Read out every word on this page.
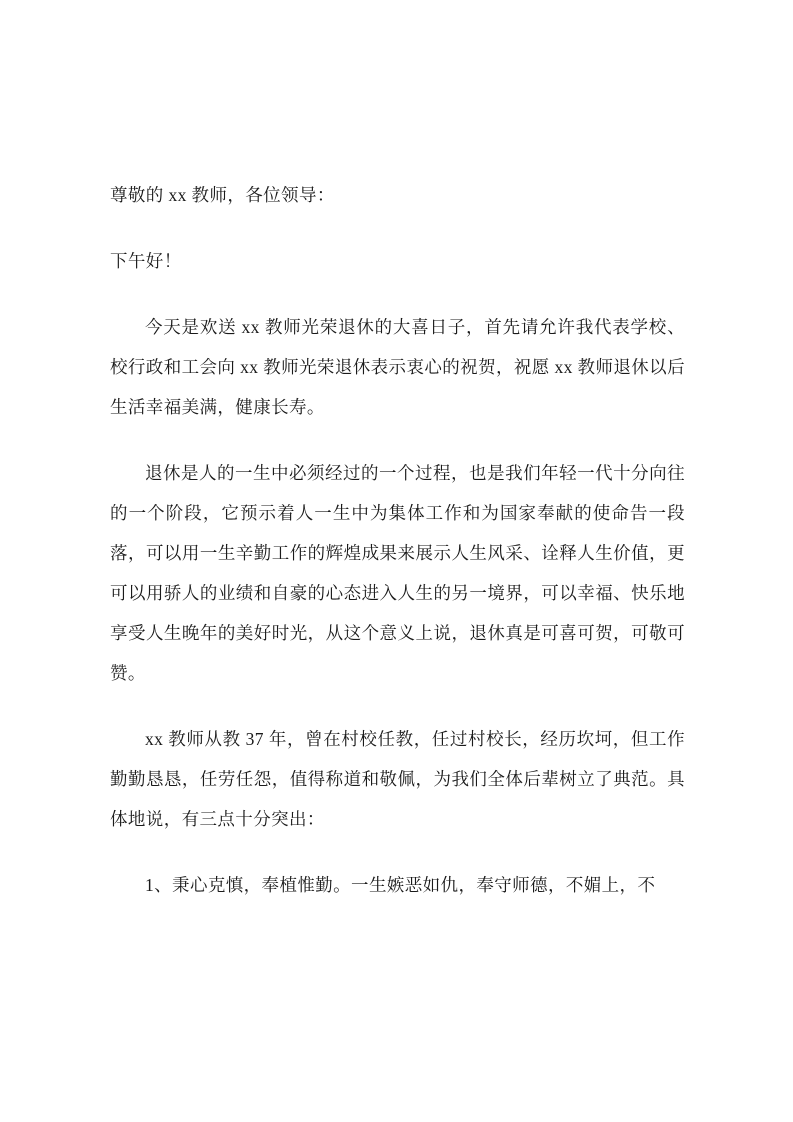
尊敬的 xx 教师，各位领导：

下午好！

今天是欢送 xx 教师光荣退休的大喜日子，首先请允许我代表学校、校行政和工会向 xx 教师光荣退休表示衷心的祝贺，祝愿 xx 教师退休以后生活幸福美满，健康长寿。

退休是人的一生中必须经过的一个过程，也是我们年轻一代十分向往的一个阶段，它预示着人一生中为集体工作和为国家奉献的使命告一段落，可以用一生辛勤工作的辉煌成果来展示人生风采、诠释人生价值，更可以用骄人的业绩和自豪的心态进入人生的另一境界，可以幸福、快乐地享受人生晚年的美好时光，从这个意义上说，退休真是可喜可贺，可敬可赞。

xx 教师从教 37 年，曾在村校任教，任过村校长，经历坎坷，但工作勤勤恳恳，任劳任怨，值得称道和敬佩，为我们全体后辈树立了典范。具体地说，有三点十分突出：

1、秉心克慎，奉植惟勤。一生嫉恶如仇，奉守师德，不媚上，不
